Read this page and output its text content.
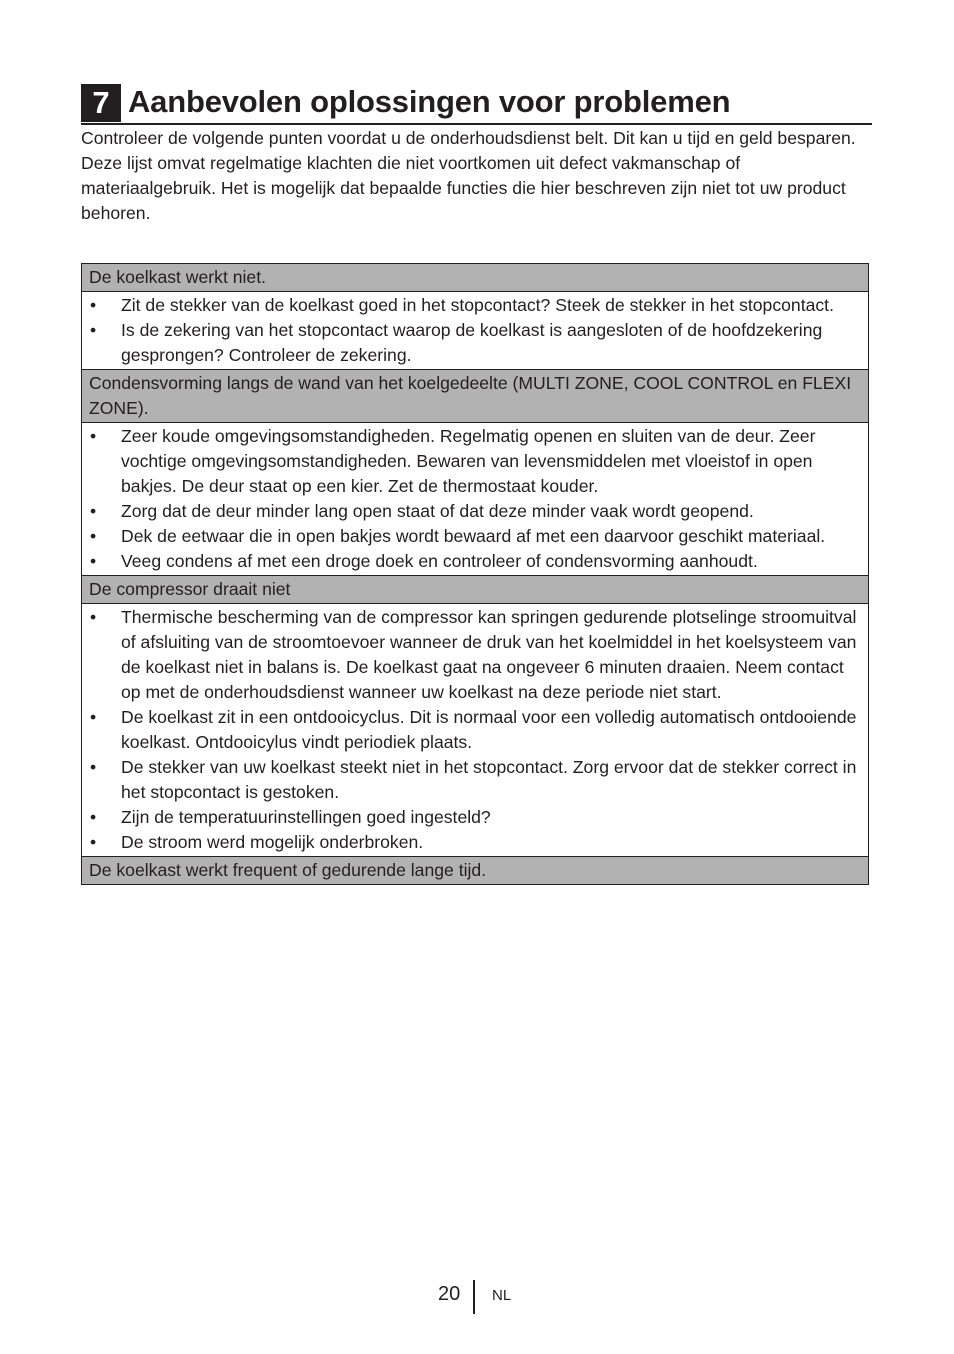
7 Aanbevolen oplossingen voor problemen

Controleer de volgende punten voordat u de onderhoudsdienst belt. Dit kan u tijd en geld besparen. Deze lijst omvat regelmatige klachten die niet voortkomen uit defect vakmanschap of materiaalgebruik. Het is mogelijk dat bepaalde functies die hier beschreven zijn niet tot uw product behoren.

De koelkast werkt niet.
•	Zit de stekker van de koelkast goed in het stopcontact? Steek de stekker in het stopcontact.
•	Is de zekering van het stopcontact waarop de koelkast is aangesloten of de hoofdzekering gesprongen? Controleer de zekering.
Condensvorming langs de wand van het koelgedeelte (MULTI ZONE, COOL CONTROL en FLEXI ZONE).
•	Zeer koude omgevingsomstandigheden. Regelmatig openen en sluiten van de deur. Zeer vochtige omgevingsomstandigheden. Bewaren van levensmiddelen met vloeistof in open bakjes. De deur staat op een kier. Zet de thermostaat kouder.
•	Zorg dat de deur minder lang open staat of dat deze minder vaak wordt geopend.
•	Dek de eetwaar die in open bakjes wordt bewaard af met een daarvoor geschikt materiaal.
•	Veeg condens af met een droge doek en controleer of condensvorming aanhoudt.
De compressor draait niet
•	Thermische bescherming van de compressor kan springen gedurende plotselinge stroomuitval of afsluiting van de stroomtoevoer wanneer de druk van het koelmiddel in het koelsysteem van de koelkast niet in balans is. De koelkast gaat na ongeveer 6 minuten draaien. Neem contact op met de onderhoudsdienst wanneer uw koelkast na deze periode niet start.
•	De koelkast zit in een ontdooicyclus. Dit is normaal voor een volledig automatisch ontdooiende koelkast. Ontdooicylus vindt periodiek plaats.
•	De stekker van uw koelkast steekt niet in het stopcontact. Zorg ervoor dat de stekker correct in het stopcontact is gestoken.
•	Zijn de temperatuurinstellingen goed ingesteld?
•	De stroom werd mogelijk onderbroken.
De koelkast werkt frequent of gedurende lange tijd.
20 NL
